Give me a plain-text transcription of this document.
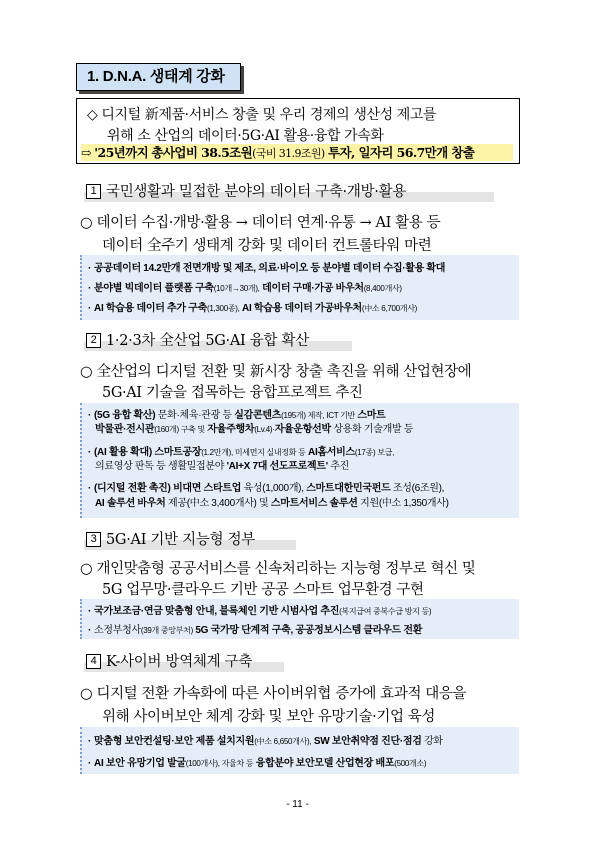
1. D.N.A. 생태계 강화
◇ 디지털 新제품·서비스 창출 및 우리 경제의 생산성 제고를
위해 소 산업의 데이터·5G·AI 활용·융합 가속화
⇨ '25년까지 총사업비 38.5조원(국비 31.9조원) 투자, 일자리 56.7만개 창출
1 국민생활과 밀접한 분야의 데이터 구축·개방·활용
○ 데이터 수집·개방·활용 → 데이터 연계·유통 → AI 활용 등
데이터 全주기 생태계 강화 및 데이터 컨트롤타워 마련
· 공공데이터 14.2만개 전면개방 및 제조, 의료·바이오 등 분야별 데이터 수집·활용 확대
· 분야별 빅데이터 플랫폼 구축(10개→30개), 데이터 구매·가공 바우처(8,400개사)
· AI 학습용 데이터 추가 구축(1,300종), AI 학습용 데이터 가공바우처(中소 6,700개사)
2 1·2·3차 全산업 5G·AI 융합 확산
○ 全산업의 디지털 전환 및 新시장 창출 촉진을 위해 산업현장에
5G·AI 기술을 접목하는 융합프로젝트 추진
· (5G 융합 확산) 문화·체육·관광 등 실감콘텐츠(195개) 제작, ICT 기반 스마트
박물관·전시관(160개) 구축 및 자율주행차(Lv.4)·자율운항선박 상용화 기술개발 등
· (AI 활용 확대) 스마트공장(1.2만개), 미세먼지 실내정화 등 AI홈서비스(17종) 보급,
의료영상 판독 등 생활밀접분야 'AI+X 7대 선도프로젝트' 추진
· (디지털 전환 촉진) 비대면 스타트업 육성(1,000개), 스마트대한민국펀드 조성(6조원),
AI 솔루션 바우처 제공(中소 3,400개사) 및 스마트서비스 솔루션 지원(中소 1,350개사)
3 5G·AI 기반 지능형 정부
○ 개인맞춤형 공공서비스를 신속처리하는 지능형 정부로 혁신 및
5G 업무망·클라우드 기반 공공 스마트 업무환경 구현
· 국가보조금·연금 맞춤형 안내, 블록체인 기반 시범사업 추진(복지급여 중복수급 방지 등)
· 소정부청사(39개 중앙부처) 5G 국가망 단계적 구축, 공공정보시스템 클라우드 전환
4 K-사이버 방역체계 구축
○ 디지털 전환 가속화에 따른 사이버위협 증가에 효과적 대응을
위해 사이버보안 체계 강화 및 보안 유망기술·기업 육성
· 맞춤형 보안컨설팅·보안 제품 설치지원(中소 6,650개사), SW 보안취약점 진단·점검 강화
· AI 보안 유망기업 발굴(100개사), 자율차 등 융합분야 보안모델 산업현장 배포(500개소)
- 11 -
